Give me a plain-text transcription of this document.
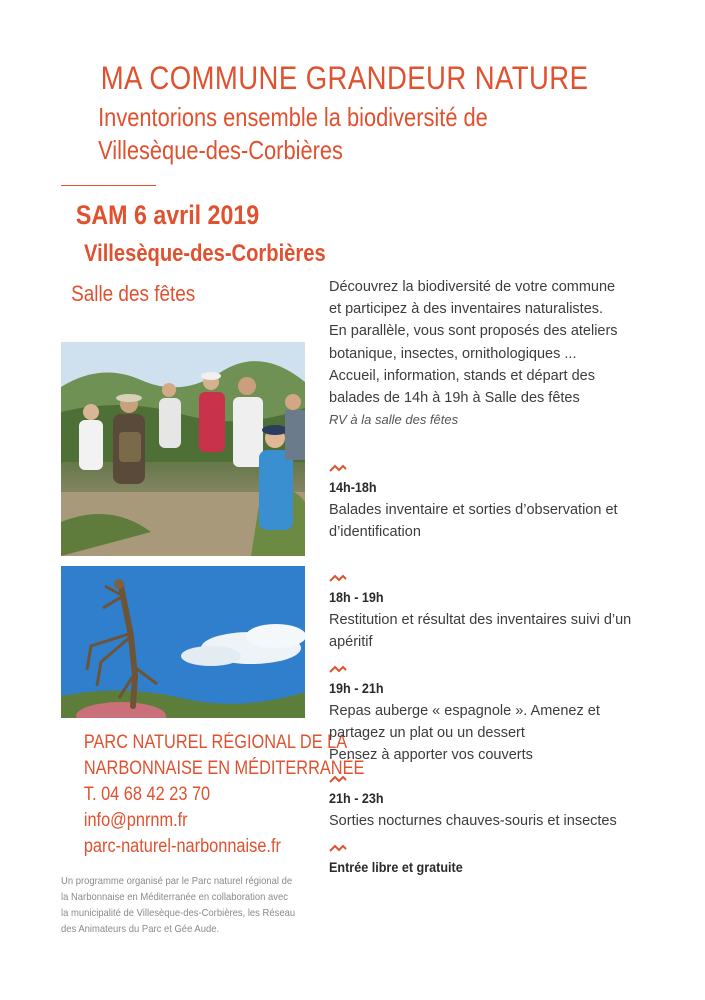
MA COMMUNE GRANDEUR NATURE
Inventorions ensemble la biodiversité de
Villesèque-des-Corbières
SAM 6 avril 2019
Villesèque-des-Corbières
Salle des fêtes	Découvrez la biodiversité de votre commune
et participez à des inventaires naturalistes.
En parallèle, vous sont proposés des ateliers
botanique, insectes, ornithologiques ...
Accueil, information, stands et départ des
balades de 14h à 19h à Salle des fêtes
RV à la salle des fêtes
PARC NATUREL RÉGIONAL DE LA
NARBONNAISE EN MÉDITERRANÉE
T. 04 68 42 23 70
info@pnrnm.fr
parc-naturel-narbonnaise.fr
Un programme organisé par le Parc naturel régional de la Narbonnaise en Méditerranée en collaboration avec la municipalité de Villesèque-des-Corbières, les Réseau des Animateurs du Parc et Gée Aude.
14h-18h
Balades inventaire et sorties d’observation et d’identification
18h - 19h
Restitution et résultat des inventaires suivi d’un apéritif
19h - 21h
Repas auberge « espagnole ». Amenez et partagez un plat ou un dessert
Pensez à apporter vos couverts
21h - 23h
Sorties nocturnes chauves-souris et insectes
Entrée libre et gratuite
